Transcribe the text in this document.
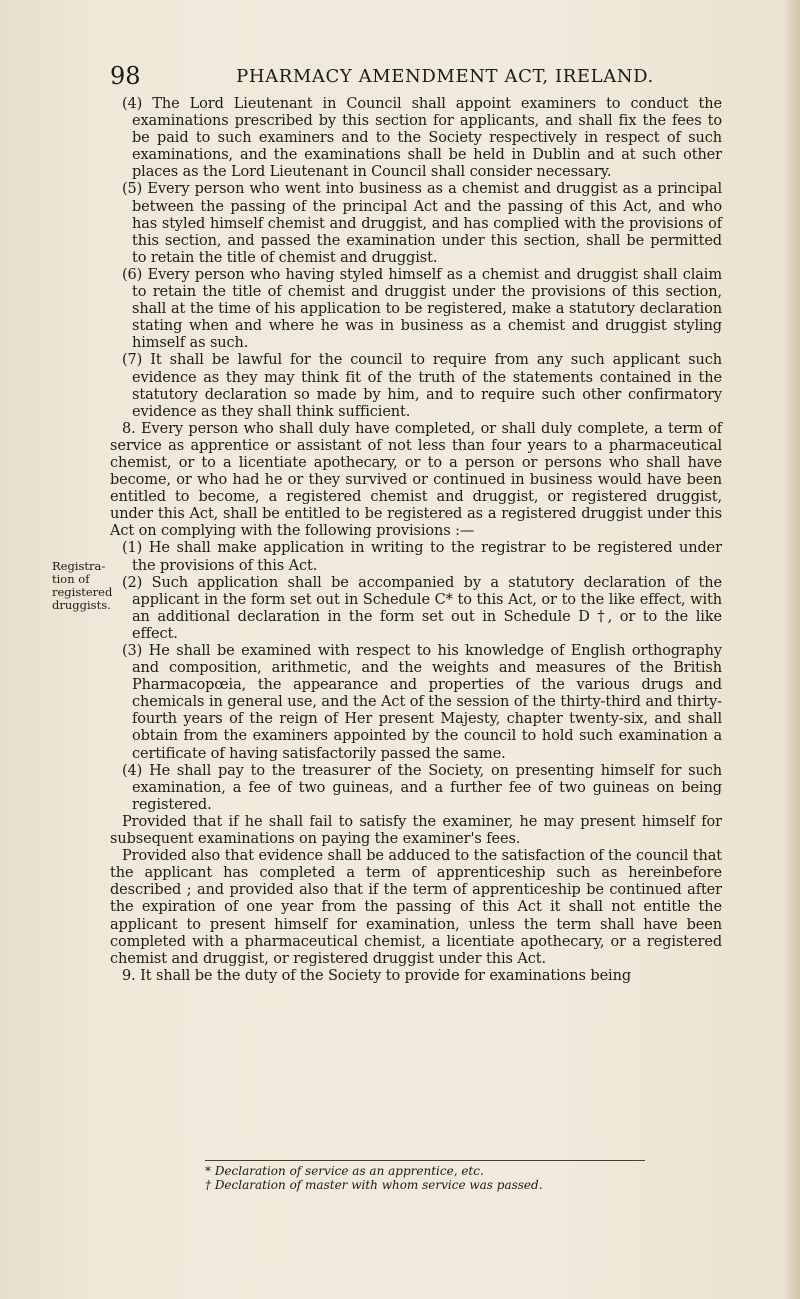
98	PHARMACY AMENDMENT ACT, IRELAND.
Registra-tion of registered druggists.

(4) The Lord Lieutenant in Council shall appoint examiners to conduct the examinations prescribed by this section for applicants, and shall fix the fees to be paid to such examiners and to the Society respectively in respect of such examinations, and the examinations shall be held in Dublin and at such other places as the Lord Lieutenant in Council shall consider necessary.

(5) Every person who went into business as a chemist and druggist as a principal between the passing of the principal Act and the passing of this Act, and who has styled himself chemist and druggist, and has complied with the provisions of this section, and passed the examination under this section, shall be permitted to retain the title of chemist and druggist.

(6) Every person who having styled himself as a chemist and druggist shall claim to retain the title of chemist and druggist under the provisions of this section, shall at the time of his application to be registered, make a statutory declaration stating when and where he was in business as a chemist and druggist styling himself as such.

(7) It shall be lawful for the council to require from any such applicant such evidence as they may think fit of the truth of the statements contained in the statutory declaration so made by him, and to require such other confirmatory evidence as they shall think sufficient.

8. Every person who shall duly have completed, or shall duly complete, a term of service as apprentice or assistant of not less than four years to a pharmaceutical chemist, or to a licentiate apothecary, or to a person or persons who shall have become, or who had he or they survived or continued in business would have been entitled to become, a registered chemist and druggist, or registered druggist, under this Act, shall be entitled to be registered as a registered druggist under this Act on complying with the following provisions :—

(1) He shall make application in writing to the registrar to be registered under the provisions of this Act.

(2) Such application shall be accompanied by a statutory declaration of the applicant in the form set out in Schedule C* to this Act, or to the like effect, with an additional declaration in the form set out in Schedule D †, or to the like effect.

(3) He shall be examined with respect to his knowledge of English orthography and composition, arithmetic, and the weights and measures of the British Pharmacopœia, the appearance and properties of the various drugs and chemicals in general use, and the Act of the session of the thirty-third and thirty-fourth years of the reign of Her present Majesty, chapter twenty-six, and shall obtain from the examiners appointed by the council to hold such examination a certificate of having satisfactorily passed the same.

(4) He shall pay to the treasurer of the Society, on presenting himself for such examination, a fee of two guineas, and a further fee of two guineas on being registered.

Provided that if he shall fail to satisfy the examiner, he may present himself for subsequent examinations on paying the examiner's fees.

Provided also that evidence shall be adduced to the satisfaction of the council that the applicant has completed a term of apprenticeship such as hereinbefore described ; and provided also that if the term of apprenticeship be continued after the expiration of one year from the passing of this Act it shall not entitle the applicant to present himself for examination, unless the term shall have been completed with a pharmaceutical chemist, a licentiate apothecary, or a registered chemist and druggist, or registered druggist under this Act.

9. It shall be the duty of the Society to provide for examinations being

* Declaration of service as an apprentice, etc.
† Declaration of master with whom service was passed.
